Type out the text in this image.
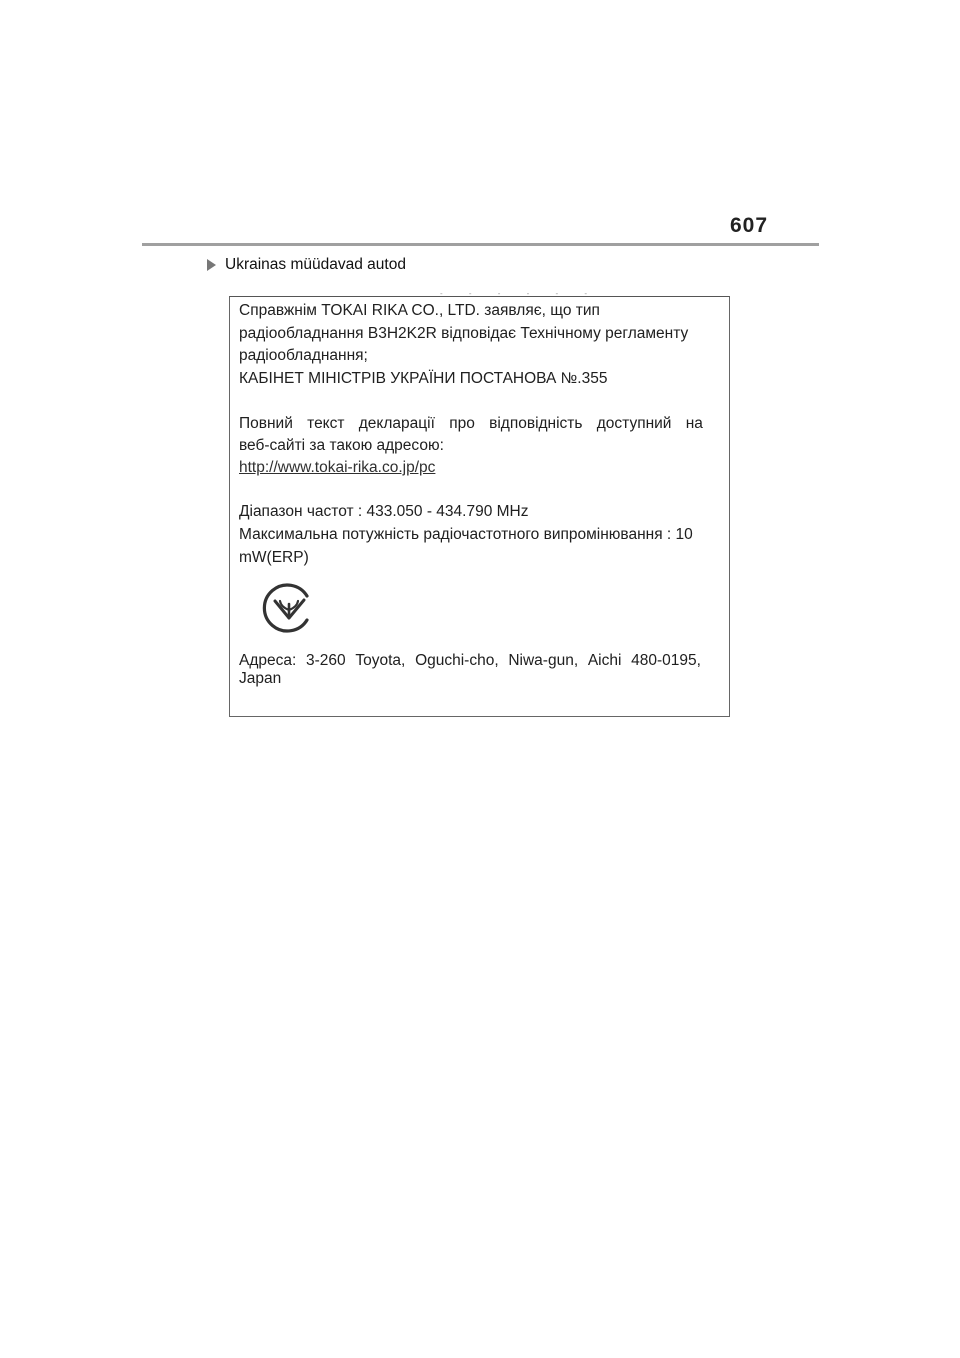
607
Ukrainas müüdavad autod
- - - - - -
Справжнім TOKAI RIKA CO., LTD. заявляє, що тип
радіообладнання B3H2K2R відповідає Технічному регламенту
радіообладнання;
КАБІНЕТ МІНІСТРІВ УКРАЇНИ ПОСТАНОВА №.355
Повний текст декларації про відповідність доступний на
веб-сайті за такою адресою:
http://www.tokai-rika.co.jp/pc
Діапазон частот : 433.050 - 434.790 MHz
Максимальна потужність радіочастотного випромінювання : 10
mW(ERP)
Адреса: 3-260 Toyota, Oguchi-cho, Niwa-gun, Aichi 480-0195,
Japan
